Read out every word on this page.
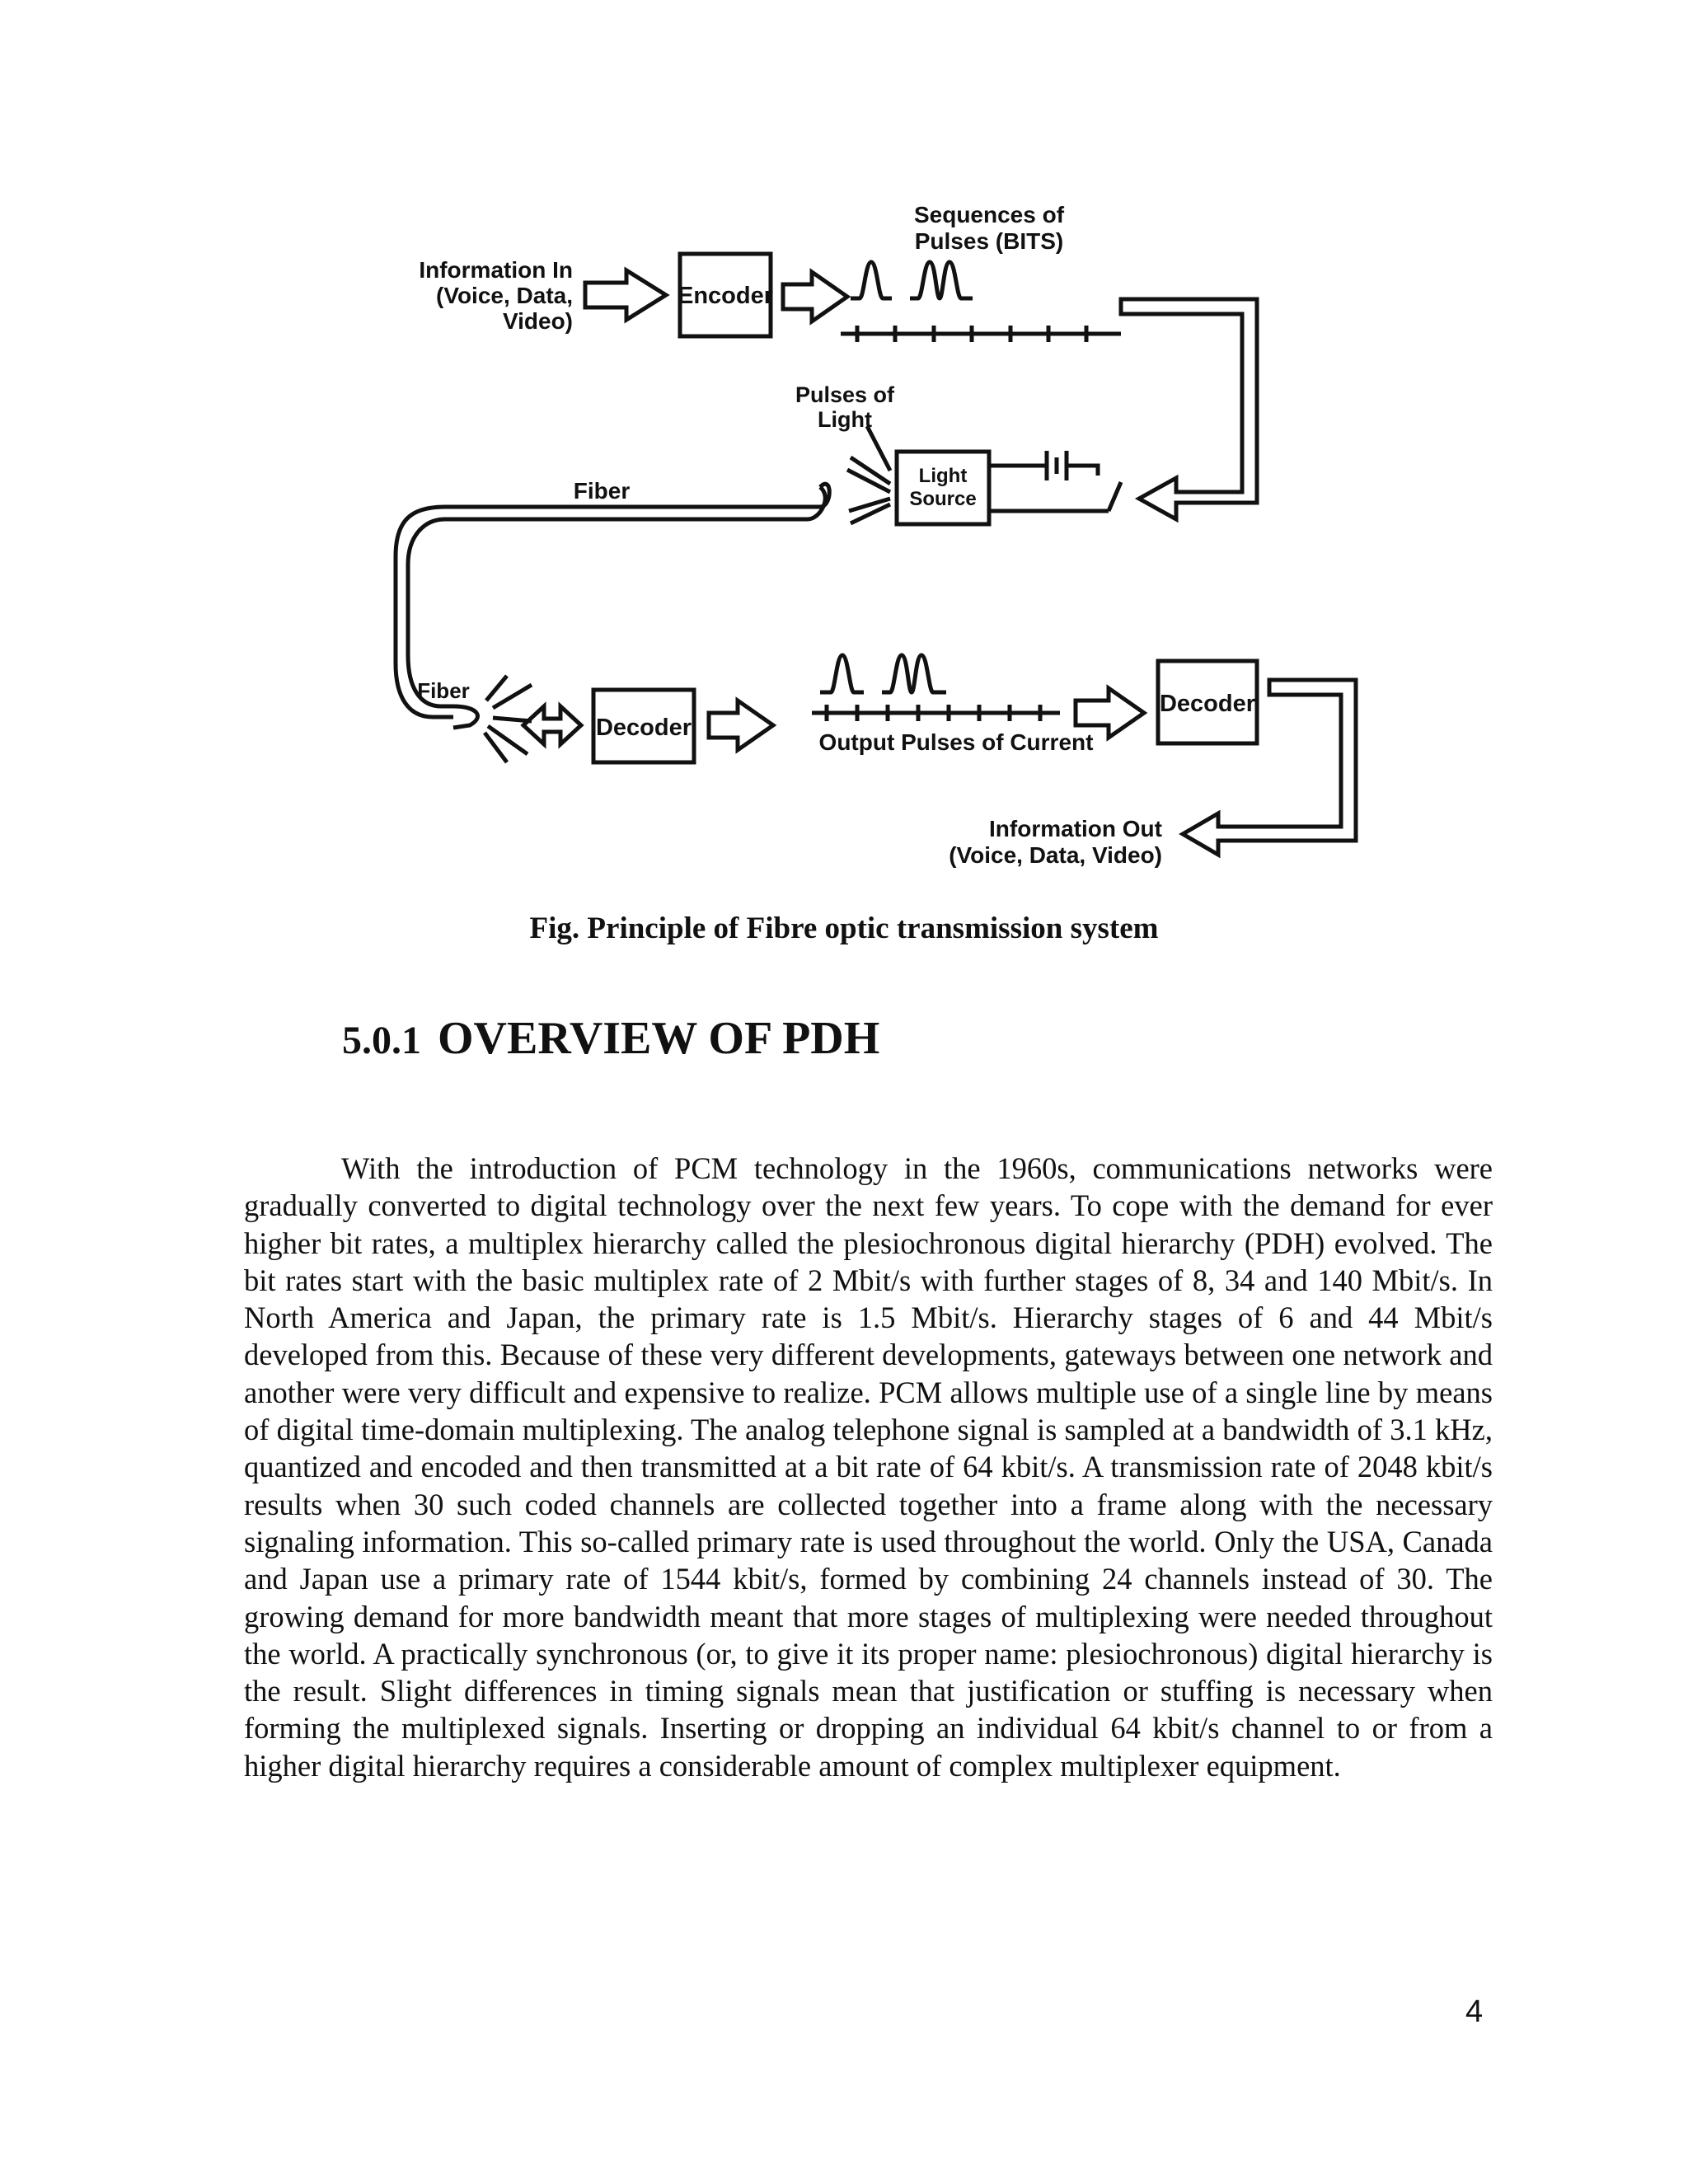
Information In
(Voice, Data,
Video)
Encoder
Sequences of
Pulses (BITS)
Pulses of
Light
Light
Source
Fiber
Fiber
Decoder
Decoder
Output Pulses of Current
Information Out
(Voice, Data, Video)
Fig. Principle of Fibre optic transmission system
5.0.1 OVERVIEW OF PDH

With the introduction of PCM technology in the 1960s, communications networks were gradually converted to digital technology over the next few years. To cope with the demand for ever higher bit rates, a multiplex hierarchy called the plesiochronous digital hierarchy (PDH) evolved. The bit rates start with the basic multiplex rate of 2 Mbit/s with further stages of 8, 34 and 140 Mbit/s. In North America and Japan, the primary rate is 1.5 Mbit/s. Hierarchy stages of 6 and 44 Mbit/s developed from this. Because of these very different developments, gateways between one network and another were very difficult and expensive to realize. PCM allows multiple use of a single line by means of digital time-domain multiplexing. The analog telephone signal is sampled at a bandwidth of 3.1 kHz, quantized and encoded and then transmitted at a bit rate of 64 kbit/s. A transmission rate of 2048 kbit/s results when 30 such coded channels are collected together into a frame along with the necessary signaling information. This so-called primary rate is used throughout the world. Only the USA, Canada and Japan use a primary rate of 1544 kbit/s, formed by combining 24 channels instead of 30. The growing demand for more bandwidth meant that more stages of multiplexing were needed throughout the world. A practically synchronous (or, to give it its proper name: plesiochronous) digital hierarchy is the result. Slight differences in timing signals mean that justification or stuffing is necessary when forming the multiplexed signals. Inserting or dropping an individual 64 kbit/s channel to or from a higher digital hierarchy requires a considerable amount of complex multiplexer equipment.

4
